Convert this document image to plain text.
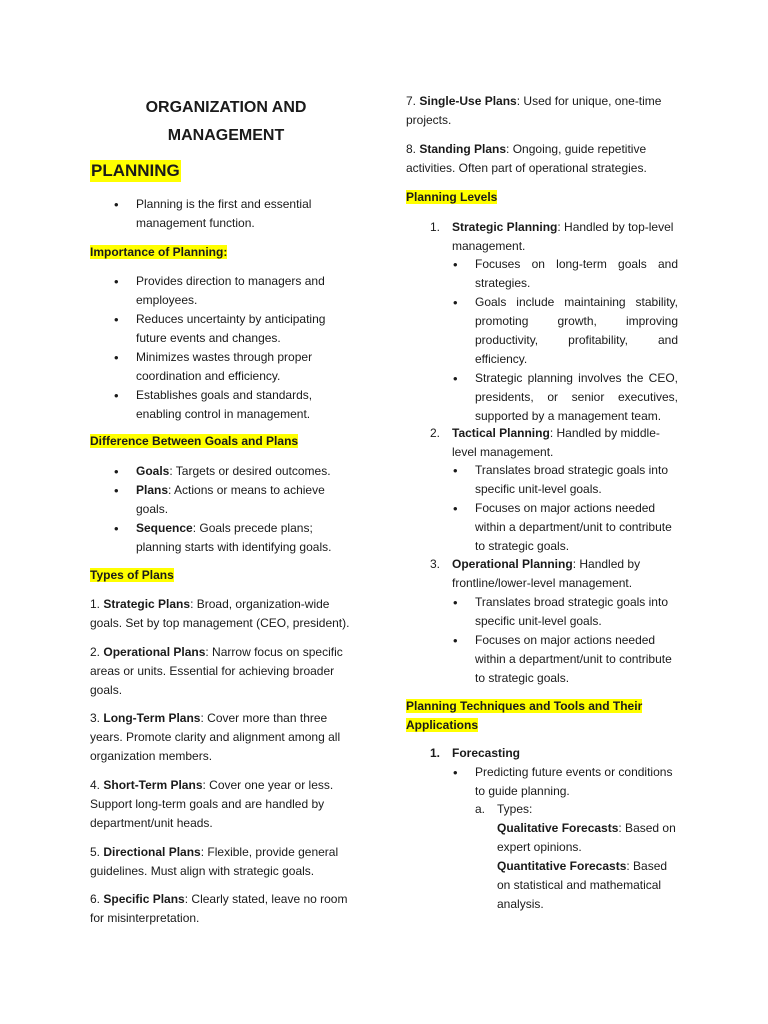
ORGANIZATION AND
MANAGEMENT
PLANNING
• Planning is the first and essential management function.
Importance of Planning:
• Provides direction to managers and employees.
• Reduces uncertainty by anticipating future events and changes.
• Minimizes wastes through proper coordination and efficiency.
• Establishes goals and standards, enabling control in management.
Difference Between Goals and Plans
• Goals: Targets or desired outcomes.
• Plans: Actions or means to achieve goals.
• Sequence: Goals precede plans; planning starts with identifying goals.
Types of Plans
1. Strategic Plans: Broad, organization-wide goals. Set by top management (CEO, president).
2. Operational Plans: Narrow focus on specific areas or units. Essential for achieving broader goals.
3. Long-Term Plans: Cover more than three years. Promote clarity and alignment among all organization members.
4. Short-Term Plans: Cover one year or less. Support long-term goals and are handled by department/unit heads.
5. Directional Plans: Flexible, provide general guidelines. Must align with strategic goals.
6. Specific Plans: Clearly stated, leave no room for misinterpretation.
7. Single-Use Plans: Used for unique, one-time projects.
8. Standing Plans: Ongoing, guide repetitive activities. Often part of operational strategies.
Planning Levels
1. Strategic Planning: Handled by top-level management.
• Focuses on long-term goals and strategies.
• Goals include maintaining stability, promoting growth, improving productivity, profitability, and efficiency.
• Strategic planning involves the CEO, presidents, or senior executives, supported by a management team.
2. Tactical Planning: Handled by middle-level management.
• Translates broad strategic goals into specific unit-level goals.
• Focuses on major actions needed within a department/unit to contribute to strategic goals.
3. Operational Planning: Handled by frontline/lower-level management.
• Translates broad strategic goals into specific unit-level goals.
• Focuses on major actions needed within a department/unit to contribute to strategic goals.
Planning Techniques and Tools and Their
Applications
1. Forecasting
• Predicting future events or conditions to guide planning.
a. Types:
Qualitative Forecasts: Based on expert opinions.
Quantitative Forecasts: Based on statistical and mathematical analysis.
